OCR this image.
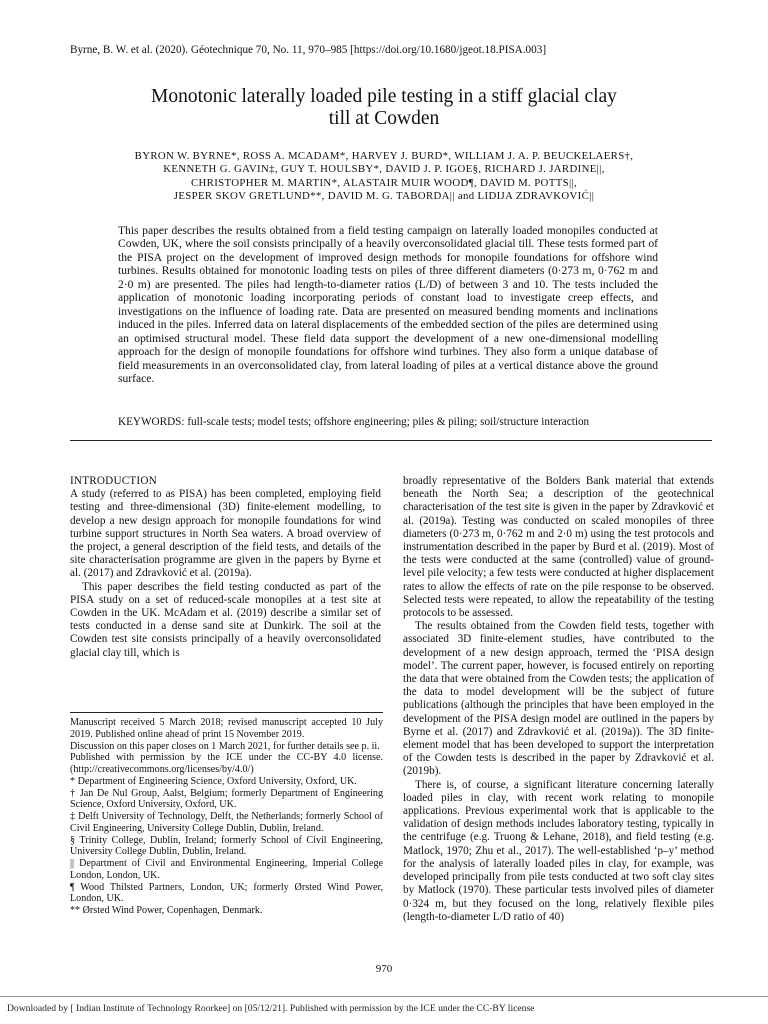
Byrne, B. W. et al. (2020). Géotechnique 70, No. 11, 970–985 [https://doi.org/10.1680/jgeot.18.PISA.003]
Monotonic laterally loaded pile testing in a stiff glacial clay
till at Cowden
BYRON W. BYRNE*, ROSS A. MCADAM*, HARVEY J. BURD*, WILLIAM J. A. P. BEUCKELAERS†,
KENNETH G. GAVIN‡, GUY T. HOULSBY*, DAVID J. P. IGOE§, RICHARD J. JARDINE||,
CHRISTOPHER M. MARTIN*, ALASTAIR MUIR WOOD¶, DAVID M. POTTS||,
JESPER SKOV GRETLUND**, DAVID M. G. TABORDA|| and LIDIJA ZDRAVKOVIĆ||
This paper describes the results obtained from a field testing campaign on laterally loaded monopiles conducted at Cowden, UK, where the soil consists principally of a heavily overconsolidated glacial till. These tests formed part of the PISA project on the development of improved design methods for monopile foundations for offshore wind turbines. Results obtained for monotonic loading tests on piles of three different diameters (0·273 m, 0·762 m and 2·0 m) are presented. The piles had length-to-diameter ratios (L/D) of between 3 and 10. The tests included the application of monotonic loading incorporating periods of constant load to investigate creep effects, and investigations on the influence of loading rate. Data are presented on measured bending moments and inclinations induced in the piles. Inferred data on lateral displacements of the embedded section of the piles are determined using an optimised structural model. These field data support the development of a new one-dimensional modelling approach for the design of monopile foundations for offshore wind turbines. They also form a unique database of field measurements in an overconsolidated clay, from lateral loading of piles at a vertical distance above the ground surface.
KEYWORDS: full-scale tests; model tests; offshore engineering; piles & piling; soil/structure interaction
INTRODUCTION

A study (referred to as PISA) has been completed, employing field testing and three-dimensional (3D) finite-element modelling, to develop a new design approach for monopile foundations for wind turbine support structures in North Sea waters. A broad overview of the project, a general description of the field tests, and details of the site characterisation programme are given in the papers by Byrne et al. (2017) and Zdravković et al. (2019a).

This paper describes the field testing conducted as part of the PISA study on a set of reduced-scale monopiles at a test site at Cowden in the UK. McAdam et al. (2019) describe a similar set of tests conducted in a dense sand site at Dunkirk. The soil at the Cowden test site consists principally of a heavily overconsolidated glacial clay till, which is

Manuscript received 5 March 2018; revised manuscript accepted 10 July 2019. Published online ahead of print 15 November 2019.

Discussion on this paper closes on 1 March 2021, for further details see p. ii.

Published with permission by the ICE under the CC-BY 4.0 license. (http://creativecommons.org/licenses/by/4.0/)

* Department of Engineering Science, Oxford University, Oxford, UK.

† Jan De Nul Group, Aalst, Belgium; formerly Department of Engineering Science, Oxford University, Oxford, UK.

‡ Delft University of Technology, Delft, the Netherlands; formerly School of Civil Engineering, University College Dublin, Dublin, Ireland.

§ Trinity College, Dublin, Ireland; formerly School of Civil Engineering, University College Dublin, Dublin, Ireland.

|| Department of Civil and Environmental Engineering, Imperial College London, London, UK.

¶ Wood Thilsted Partners, London, UK; formerly Ørsted Wind Power, London, UK.

** Ørsted Wind Power, Copenhagen, Denmark.

broadly representative of the Bolders Bank material that extends beneath the North Sea; a description of the geotechnical characterisation of the test site is given in the paper by Zdravković et al. (2019a). Testing was conducted on scaled monopiles of three diameters (0·273 m, 0·762 m and 2·0 m) using the test protocols and instrumentation described in the paper by Burd et al. (2019). Most of the tests were conducted at the same (controlled) value of ground-level pile velocity; a few tests were conducted at higher displacement rates to allow the effects of rate on the pile response to be observed. Selected tests were repeated, to allow the repeatability of the testing protocols to be assessed.

The results obtained from the Cowden field tests, together with associated 3D finite-element studies, have contributed to the development of a new design approach, termed the ‘PISA design model’. The current paper, however, is focused entirely on reporting the data that were obtained from the Cowden tests; the application of the data to model development will be the subject of future publications (although the principles that have been employed in the development of the PISA design model are outlined in the papers by Byrne et al. (2017) and Zdravković et al. (2019a)). The 3D finite-element model that has been developed to support the interpretation of the Cowden tests is described in the paper by Zdravković et al. (2019b).

There is, of course, a significant literature concerning laterally loaded piles in clay, with recent work relating to monopile applications. Previous experimental work that is applicable to the validation of design methods includes laboratory testing, typically in the centrifuge (e.g. Truong & Lehane, 2018), and field testing (e.g. Matlock, 1970; Zhu et al., 2017). The well-established ‘p–y’ method for the analysis of laterally loaded piles in clay, for example, was developed principally from pile tests conducted at two soft clay sites by Matlock (1970). These particular tests involved piles of diameter 0·324 m, but they focused on the long, relatively flexible piles (length-to-diameter L/D ratio of 40)

970
Downloaded by [ Indian Institute of Technology Roorkee] on [05/12/21]. Published with permission by the ICE under the CC-BY license
